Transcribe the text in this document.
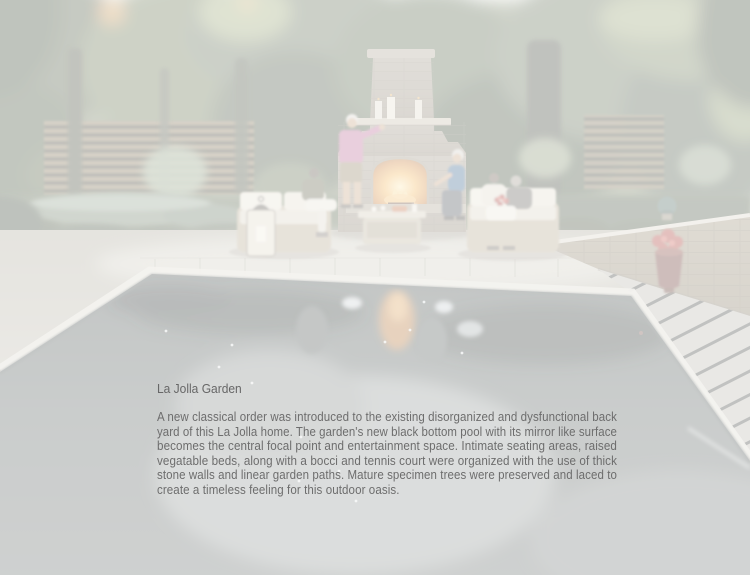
La Jolla Garden
A new classical order was introduced to the existing disorganized and dysfunctional back
yard of this La Jolla home. The garden's new black bottom pool with its mirror like surface
becomes the central focal point and entertainment space. Intimate seating areas, raised
vegatable beds, along with a bocci and tennis court were organized with the use of thick
stone walls and linear garden paths. Mature specimen trees were preserved and laced to
create a timeless feeling for this outdoor oasis.
